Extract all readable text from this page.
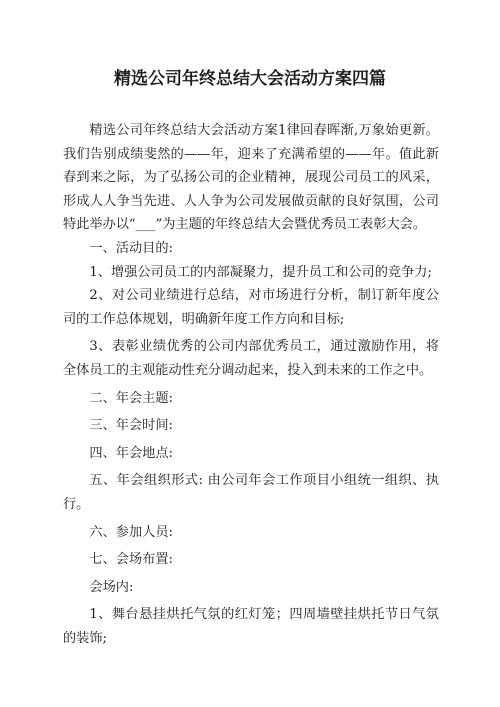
精选公司年终总结大会活动方案四篇

精选公司年终总结大会活动方案1律回春晖渐,万象始更新。我们告别成绩斐然的——年，迎来了充满希望的——年。值此新春到来之际，为了弘扬公司的企业精神，展现公司员工的风采，形成人人争当先进、人人争为公司发展做贡献的良好氛围，公司特此举办以“___”为主题的年终总结大会暨优秀员工表彰大会。

一、活动目的:

1、增强公司员工的内部凝聚力，提升员工和公司的竞争力;

2、对公司业绩进行总结，对市场进行分析，制订新年度公司的工作总体规划，明确新年度工作方向和目标;

3、表彰业绩优秀的公司内部优秀员工，通过激励作用，将全体员工的主观能动性充分调动起来，投入到未来的工作之中。

二、年会主题:

三、年会时间:

四、年会地点:

五、年会组织形式: 由公司年会工作项目小组统一组织、执行。

六、参加人员:

七、会场布置:

会场内:

1、舞台悬挂烘托气氛的红灯笼；四周墙壁挂烘托节日气氛的装饰;
